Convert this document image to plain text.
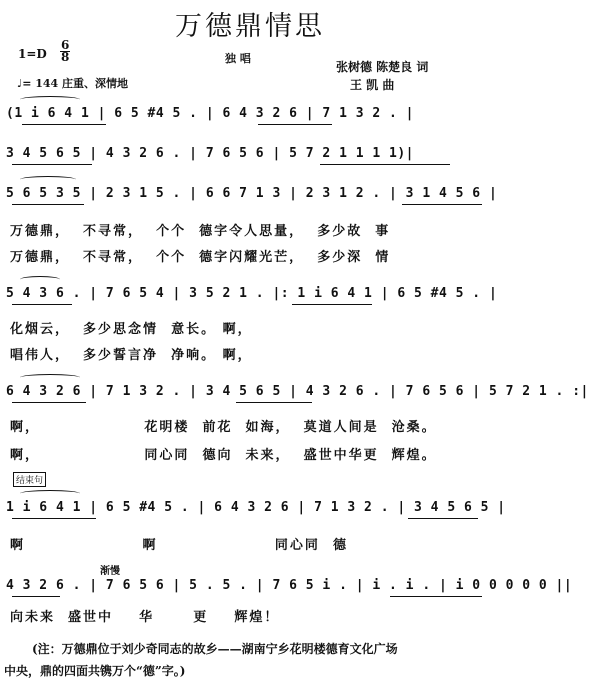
万德鼎情思
1=D
6
8	独 唱
张树德 陈楚良 词
♩= 144 庄重、深情地	王 凯 曲
(1 i 6 4 1 | 6 5 #4 5 . | 6 4 3 2 6 | 7 1 3 2 . |
3 4 5 6 5 | 4 3 2 6 . | 7 6 5 6 | 5 7 2 1 1 1 1)|
5 6 5 3 5 | 2 3 1 5 . | 6 6 7 1 3 | 2 3 1 2 . | 3 1 4 5 6 |
万德鼎，  不寻常，  个个  德字令人思量，  多少故  事
万德鼎，  不寻常，  个个  德字闪耀光芒，  多少深  情
5 4 3 6 . | 7 6 5 4 | 3 5 2 1 . |: 1 i 6 4 1 | 6 5 #4 5 . |
化烟云，  多少思念情  意长。 啊，
唱伟人，  多少誓言净  净响。 啊，
6 4 3 2 6 | 7 1 3 2 . | 3 4 5 6 5 | 4 3 2 6 . | 7 6 5 6 | 5 7 2 1 . :|
啊，                花明楼  前花  如海，  莫道人间是  沧桑。
啊，                同心同  德向  未来，  盛世中华更  辉煌。
结束句
1 i 6 4 1 | 6 5 #4 5 . | 6 4 3 2 6 | 7 1 3 2 . | 3 4 5 6 5 |
啊                  啊                  同心同  德
渐慢
4 3 2 6 . | 7 6 5 6 | 5 . 5 . | 7 6 5 i . | i . i . | i 0 0 0 0 0 ||
向未来  盛世中    华      更    辉煌！
(注：万德鼎位于刘少奇同志的故乡——湖南宁乡花明楼德育文化广场
中央，鼎的四面共镌万个“德”字。)
